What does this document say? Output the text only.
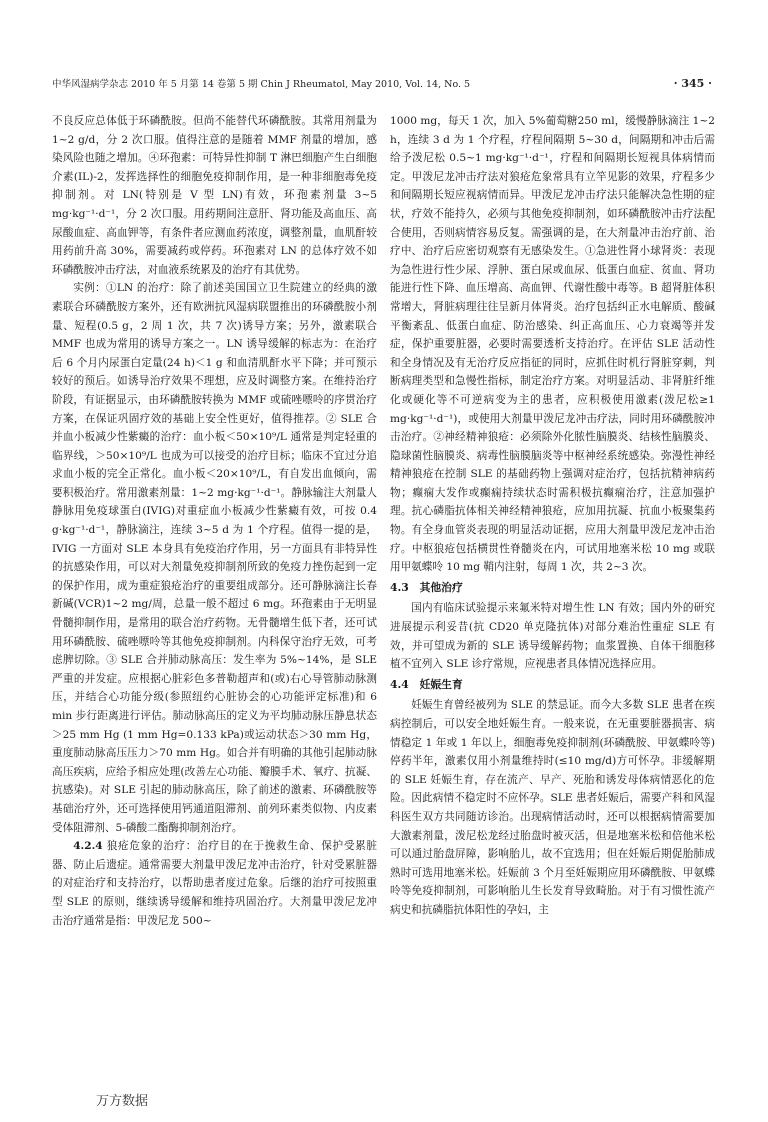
中华风湿病学杂志 2010 年 5 月第 14 卷第 5 期 Chin J Rheumatol, May 2010, Vol. 14, No. 5	· 345 ·

不良反应总体低于环磷酰胺。但尚不能替代环磷酰胺。其常用剂量为 1~2 g/d，分 2 次口服。值得注意的是随着 MMF 剂量的增加，感染风险也随之增加。④环孢素：可特异性抑制 T 淋巴细胞产生白细胞介素(IL)-2，发挥选择性的细胞免疫抑制作用，是一种非细胞毒免疫抑制剂。对 LN(特别是 V 型 LN)有效，环孢素剂量 3~5 mg·kg⁻¹·d⁻¹，分 2 次口服。用药期间注意肝、肾功能及高血压、高尿酸血症、高血钾等，有条件者应测血药浓度，调整剂量，血肌酐较用药前升高 30%，需要减药或停药。环孢素对 LN 的总体疗效不如环磷酰胺冲击疗法，对血液系统累及的治疗有其优势。

实例：①LN 的治疗：除了前述美国国立卫生院建立的经典的激素联合环磷酰胺方案外，还有欧洲抗风湿病联盟推出的环磷酰胺小剂量、短程(0.5 g，2 周 1 次，共 7 次)诱导方案；另外，激素联合 MMF 也成为常用的诱导方案之一。LN 诱导缓解的标志为：在治疗后 6 个月内尿蛋白定量(24 h)＜1 g 和血清肌酐水平下降；并可预示较好的预后。如诱导治疗效果不理想，应及时调整方案。在维持治疗阶段，有证据显示，由环磷酰胺转换为 MMF 或硫唑嘌呤的序贯治疗方案，在保证巩固疗效的基础上安全性更好，值得推荐。② SLE 合并血小板减少性紫癜的治疗：血小板＜50×10⁹/L 通常是判定轻重的临界线，＞50×10⁹/L 也成为可以接受的治疗目标；临床不宜过分追求血小板的完全正常化。血小板＜20×10⁹/L，有自发出血倾向，需要积极治疗。常用激素剂量：1~2 mg·kg⁻¹·d⁻¹。静脉输注大剂量人静脉用免疫球蛋白(IVIG)对重症血小板减少性紫癜有效，可按 0.4 g·kg⁻¹·d⁻¹，静脉滴注，连续 3~5 d 为 1 个疗程。值得一提的是，IVIG 一方面对 SLE 本身具有免疫治疗作用，另一方面具有非特异性的抗感染作用，可以对大剂量免疫抑制剂所致的免疫力挫伤起到一定的保护作用，成为重症狼疮治疗的重要组成部分。还可静脉滴注长春新碱(VCR)1~2 mg/周，总量一般不超过 6 mg。环孢素由于无明显骨髓抑制作用，是常用的联合治疗药物。无骨髓增生低下者，还可试用环磷酰胺、硫唑嘌呤等其他免疫抑制剂。内科保守治疗无效，可考虑脾切除。③ SLE 合并肺动脉高压：发生率为 5%~14%，是 SLE 严重的并发症。应根据心脏彩色多普勒超声和(或)右心导管肺动脉测压，并结合心功能分级(参照纽约心脏协会的心功能评定标准)和 6 min 步行距离进行评估。肺动脉高压的定义为平均肺动脉压静息状态＞25 mm Hg (1 mm Hg=0.133 kPa)或运动状态＞30 mm Hg，重度肺动脉高压压力＞70 mm Hg。如合并有明确的其他引起肺动脉高压疾病，应给予相应处理(改善左心功能、瓣膜手术、氧疗、抗凝、抗感染)。对 SLE 引起的肺动脉高压，除了前述的激素、环磷酰胺等基础治疗外，还可选择使用钙通道阻滞剂、前列环素类似物、内皮素受体阻滞剂、5-磷酸二酯酶抑制剂治疗。

4.2.4 狼疮危象的治疗：治疗目的在于挽救生命、保护受累脏器、防止后遗症。通常需要大剂量甲泼尼龙冲击治疗，针对受累脏器的对症治疗和支持治疗，以帮助患者度过危象。后继的治疗可按照重型 SLE 的原则，继续诱导缓解和维持巩固治疗。大剂量甲泼尼龙冲击治疗通常是指：甲泼尼龙 500~

1000 mg，每天 1 次，加入 5%葡萄糖250 ml，缓慢静脉滴注 1~2 h，连续 3 d 为 1 个疗程，疗程间隔期 5~30 d，间隔期和冲击后需给予泼尼松 0.5~1 mg·kg⁻¹·d⁻¹，疗程和间隔期长短视具体病情而定。甲泼尼龙冲击疗法对狼疮危象常具有立竿见影的效果，疗程多少和间隔期长短应视病情而异。甲泼尼龙冲击疗法只能解决急性期的症状，疗效不能持久，必须与其他免疫抑制剂，如环磷酰胺冲击疗法配合使用，否则病情容易反复。需强调的是，在大剂量冲击治疗前、治疗中、治疗后应密切观察有无感染发生。①急进性肾小球肾炎：表现为急性进行性少尿、浮肿、蛋白尿或血尿、低蛋白血症、贫血、肾功能进行性下降、血压增高、高血钾、代谢性酸中毒等。B 超肾脏体积常增大，肾脏病理往往呈新月体肾炎。治疗包括纠正水电解质、酸碱平衡紊乱、低蛋白血症、防治感染、纠正高血压、心力衰竭等并发症，保护重要脏器，必要时需要透析支持治疗。在评估 SLE 活动性和全身情况及有无治疗反应指征的同时，应抓住时机行肾脏穿刺，判断病理类型和急慢性指标，制定治疗方案。对明显活动、非肾脏纤维化或硬化等不可逆病变为主的患者，应积极使用激素(泼尼松≥1 mg·kg⁻¹·d⁻¹)，或使用大剂量甲泼尼龙冲击疗法，同时用环磷酰胺冲击治疗。②神经精神狼疮：必须除外化脓性脑膜炎、结核性脑膜炎、隐球菌性脑膜炎、病毒性脑膜脑炎等中枢神经系统感染。弥漫性神经精神狼疮在控制 SLE 的基础药物上强调对症治疗，包括抗精神病药物；癫痫大发作或癫痫持续状态时需积极抗癫痫治疗，注意加强护理。抗心磷脂抗体相关神经精神狼疮，应加用抗凝、抗血小板聚集药物。有全身血管炎表现的明显活动证据，应用大剂量甲泼尼龙冲击治疗。中枢狼疮包括横贯性脊髓炎在内，可试用地塞米松 10 mg 或联用甲氨蝶呤 10 mg 鞘内注射，每周 1 次，共 2~3 次。

4.3　其他治疗

国内有临床试验提示来氟米特对增生性 LN 有效；国内外的研究进展提示利妥昔(抗 CD20 单克隆抗体)对部分难治性重症 SLE 有效，并可望成为新的 SLE 诱导缓解药物；血浆置换、自体干细胞移植不宜列入 SLE 诊疗常规，应视患者具体情况选择应用。

4.4　妊娠生育

妊娠生育曾经被列为 SLE 的禁忌证。而今大多数 SLE 患者在疾病控制后，可以安全地妊娠生育。一般来说，在无重要脏器损害、病情稳定 1 年或 1 年以上，细胞毒免疫抑制剂(环磷酰胺、甲氨蝶呤等)停药半年，激素仅用小剂量维持时(≤10 mg/d)方可怀孕。非缓解期的 SLE 妊娠生育，存在流产、早产、死胎和诱发母体病情恶化的危险。因此病情不稳定时不应怀孕。SLE 患者妊娠后，需要产科和风湿科医生双方共同随访诊治。出现病情活动时，还可以根据病情需要加大激素剂量，泼尼松龙经过胎盘时被灭活，但是地塞米松和倍他米松可以通过胎盘屏障，影响胎儿，故不宜选用；但在妊娠后期促胎肺成熟时可选用地塞米松。妊娠前 3 个月至妊娠期应用环磷酰胺、甲氨蝶呤等免疫抑制剂，可影响胎儿生长发育导致畸胎。对于有习惯性流产病史和抗磷脂抗体阳性的孕妇，主

万方数据
